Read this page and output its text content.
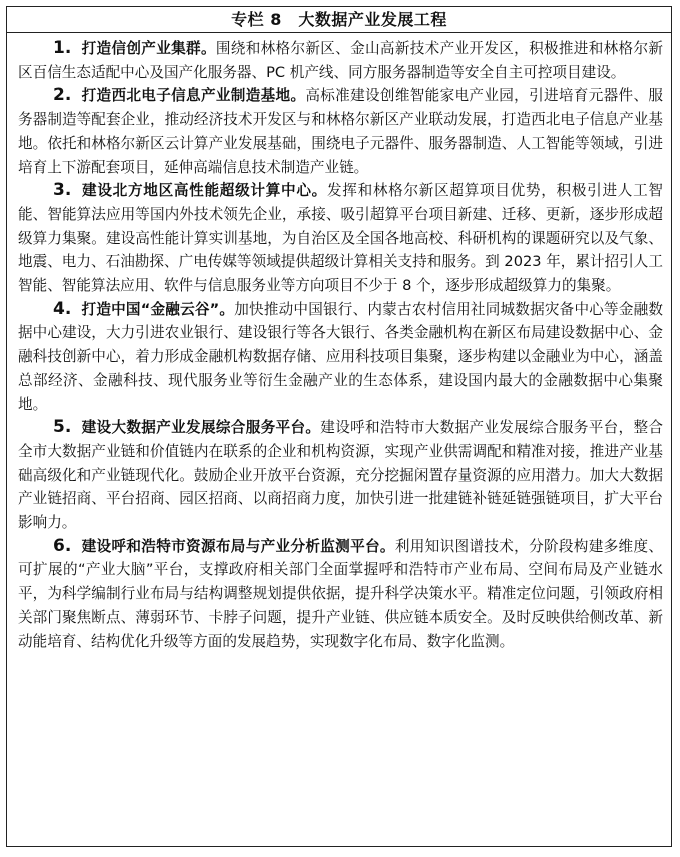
专栏 8　大数据产业发展工程

1. 打造信创产业集群。围绕和林格尔新区、金山高新技术产业开发区，积极推进和林格尔新区百信生态适配中心及国产化服务器、PC 机产线、同方服务器制造等安全自主可控项目建设。

2. 打造西北电子信息产业制造基地。高标准建设创维智能家电产业园，引进培育元器件、服务器制造等配套企业，推动经济技术开发区与和林格尔新区产业联动发展，打造西北电子信息产业基地。依托和林格尔新区云计算产业发展基础，围绕电子元器件、服务器制造、人工智能等领域，引进培育上下游配套项目，延伸高端信息技术制造产业链。

3. 建设北方地区高性能超级计算中心。发挥和林格尔新区超算项目优势，积极引进人工智能、智能算法应用等国内外技术领先企业，承接、吸引超算平台项目新建、迁移、更新，逐步形成超级算力集聚。建设高性能计算实训基地，为自治区及全国各地高校、科研机构的课题研究以及气象、地震、电力、石油勘探、广电传媒等领域提供超级计算相关支持和服务。到 2023 年，累计招引人工智能、智能算法应用、软件与信息服务业等方向项目不少于 8 个，逐步形成超级算力的集聚。

4. 打造中国“金融云谷”。加快推动中国银行、内蒙古农村信用社同城数据灾备中心等金融数据中心建设，大力引进农业银行、建设银行等各大银行、各类金融机构在新区布局建设数据中心、金融科技创新中心，着力形成金融机构数据存储、应用科技项目集聚，逐步构建以金融业为中心，涵盖总部经济、金融科技、现代服务业等衍生金融产业的生态体系，建设国内最大的金融数据中心集聚地。

5. 建设大数据产业发展综合服务平台。建设呼和浩特市大数据产业发展综合服务平台，整合全市大数据产业链和价值链内在联系的企业和机构资源，实现产业供需调配和精准对接，推进产业基础高级化和产业链现代化。鼓励企业开放平台资源，充分挖掘闲置存量资源的应用潜力。加大大数据产业链招商、平台招商、园区招商、以商招商力度，加快引进一批建链补链延链强链项目，扩大平台影响力。

6. 建设呼和浩特市资源布局与产业分析监测平台。利用知识图谱技术，分阶段构建多维度、可扩展的“产业大脑”平台，支撑政府相关部门全面掌握呼和浩特市产业布局、空间布局及产业链水平，为科学编制行业布局与结构调整规划提供依据，提升科学决策水平。精准定位问题，引领政府相关部门聚焦断点、薄弱环节、卡脖子问题，提升产业链、供应链本质安全。及时反映供给侧改革、新动能培育、结构优化升级等方面的发展趋势，实现数字化布局、数字化监测。
